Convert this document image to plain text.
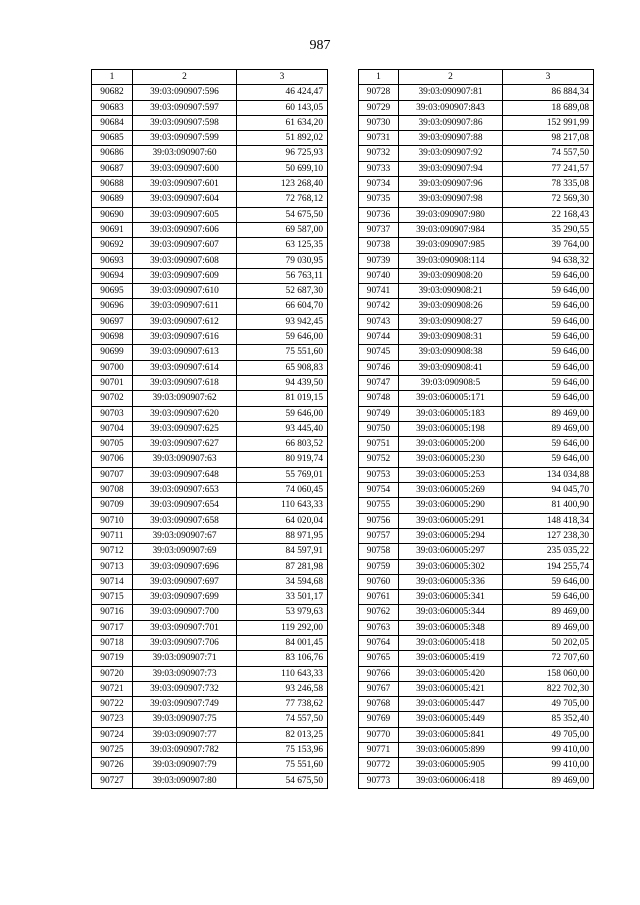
987
1	2	3
90682	39:03:090907:596	46 424,47
90683	39:03:090907:597	60 143,05
90684	39:03:090907:598	61 634,20
90685	39:03:090907:599	51 892,02
90686	39:03:090907:60	96 725,93
90687	39:03:090907:600	50 699,10
90688	39:03:090907:601	123 268,40
90689	39:03:090907:604	72 768,12
90690	39:03:090907:605	54 675,50
90691	39:03:090907:606	69 587,00
90692	39:03:090907:607	63 125,35
90693	39:03:090907:608	79 030,95
90694	39:03:090907:609	56 763,11
90695	39:03:090907:610	52 687,30
90696	39:03:090907:611	66 604,70
90697	39:03:090907:612	93 942,45
90698	39:03:090907:616	59 646,00
90699	39:03:090907:613	75 551,60
90700	39:03:090907:614	65 908,83
90701	39:03:090907:618	94 439,50
90702	39:03:090907:62	81 019,15
90703	39:03:090907:620	59 646,00
90704	39:03:090907:625	93 445,40
90705	39:03:090907:627	66 803,52
90706	39:03:090907:63	80 919,74
90707	39:03:090907:648	55 769,01
90708	39:03:090907:653	74 060,45
90709	39:03:090907:654	110 643,33
90710	39:03:090907:658	64 020,04
90711	39:03:090907:67	88 971,95
90712	39:03:090907:69	84 597,91
90713	39:03:090907:696	87 281,98
90714	39:03:090907:697	34 594,68
90715	39:03:090907:699	33 501,17
90716	39:03:090907:700	53 979,63
90717	39:03:090907:701	119 292,00
90718	39:03:090907:706	84 001,45
90719	39:03:090907:71	83 106,76
90720	39:03:090907:73	110 643,33
90721	39:03:090907:732	93 246,58
90722	39:03:090907:749	77 738,62
90723	39:03:090907:75	74 557,50
90724	39:03:090907:77	82 013,25
90725	39:03:090907:782	75 153,96
90726	39:03:090907:79	75 551,60
90727	39:03:090907:80	54 675,50
1	2	3
90728	39:03:090907:81	86 884,34
90729	39:03:090907:843	18 689,08
90730	39:03:090907:86	152 991,99
90731	39:03:090907:88	98 217,08
90732	39:03:090907:92	74 557,50
90733	39:03:090907:94	77 241,57
90734	39:03:090907:96	78 335,08
90735	39:03:090907:98	72 569,30
90736	39:03:090907:980	22 168,43
90737	39:03:090907:984	35 290,55
90738	39:03:090907:985	39 764,00
90739	39:03:090908:114	94 638,32
90740	39:03:090908:20	59 646,00
90741	39:03:090908:21	59 646,00
90742	39:03:090908:26	59 646,00
90743	39:03:090908:27	59 646,00
90744	39:03:090908:31	59 646,00
90745	39:03:090908:38	59 646,00
90746	39:03:090908:41	59 646,00
90747	39:03:090908:5	59 646,00
90748	39:03:060005:171	59 646,00
90749	39:03:060005:183	89 469,00
90750	39:03:060005:198	89 469,00
90751	39:03:060005:200	59 646,00
90752	39:03:060005:230	59 646,00
90753	39:03:060005:253	134 034,88
90754	39:03:060005:269	94 045,70
90755	39:03:060005:290	81 400,90
90756	39:03:060005:291	148 418,34
90757	39:03:060005:294	127 238,30
90758	39:03:060005:297	235 035,22
90759	39:03:060005:302	194 255,74
90760	39:03:060005:336	59 646,00
90761	39:03:060005:341	59 646,00
90762	39:03:060005:344	89 469,00
90763	39:03:060005:348	89 469,00
90764	39:03:060005:418	50 202,05
90765	39:03:060005:419	72 707,60
90766	39:03:060005:420	158 060,00
90767	39:03:060005:421	822 702,30
90768	39:03:060005:447	49 705,00
90769	39:03:060005:449	85 352,40
90770	39:03:060005:841	49 705,00
90771	39:03:060005:899	99 410,00
90772	39:03:060005:905	99 410,00
90773	39:03:060006:418	89 469,00
